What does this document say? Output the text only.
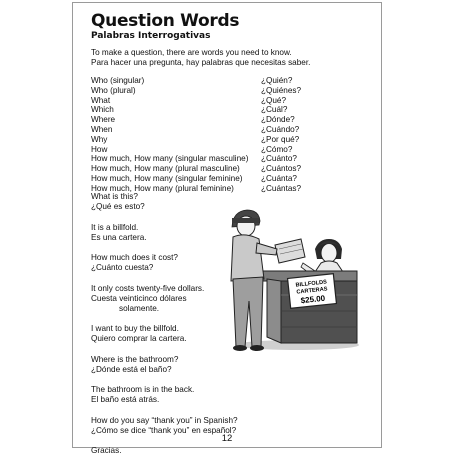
Question Words
Palabras Interrogativas
To make a question, there are words you need to know.
Para hacer una pregunta, hay palabras que necesitas saber.
Who (singular)	¿Quién?
Who (plural)	¿Quiénes?
What	¿Qué?
Which	¿Cuál?
Where	¿Dónde?
When	¿Cuándo?
Why	¿Por qué?
How	¿Cómo?
How much, How many (singular masculine) ¿Cuánto?
How much, How many (plural masculine)	¿Cuántos?
How much, How many (singular feminine) ¿Cuánta?
How much, How many (plural feminine)	¿Cuántas?
What is this?
¿Qué es esto?
It is a billfold.
Es una cartera.
How much does it cost?
¿Cuánto cuesta?
It only costs twenty-five dollars.
Cuesta veinticinco dólares
solamente.
I want to buy the billfold.
Quiero comprar la cartera.
Where is the bathroom?
¿Dónde está el baño?
The bathroom is in the back.
El baño está atrás.
How do you say “thank you” in Spanish?
¿Cómo se dice “thank you” en español?
Gracias.
BILLFOLDS
CARTERAS
$25.00
12
